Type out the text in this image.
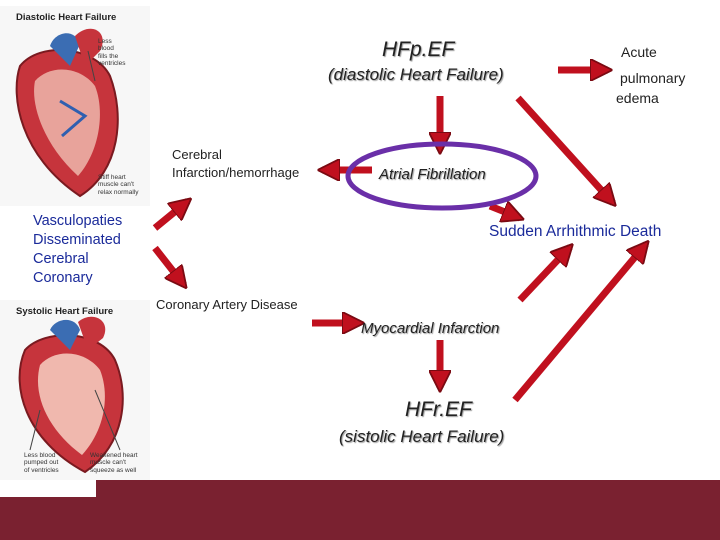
Diastolic Heart Failure
Less
blood
fills the
ventricles
Stiff heart
muscle can't
relax normally
Systolic Heart Failure
Less blood
pumped out
of ventricles
Weakened heart
muscle can't
squeeze as well
HFp.EF
(diastolic Heart Failure)
Acute
pulmonary
edema
Cerebral
Infarction/hemorrhage	Atrial Fibrillation
Vasculopaties
Disseminated
Cerebral
Coronary
Sudden Arrhithmic Death
Coronary Artery Disease
Myocardial Infarction
HFr.EF
(sistolic Heart Failure)
